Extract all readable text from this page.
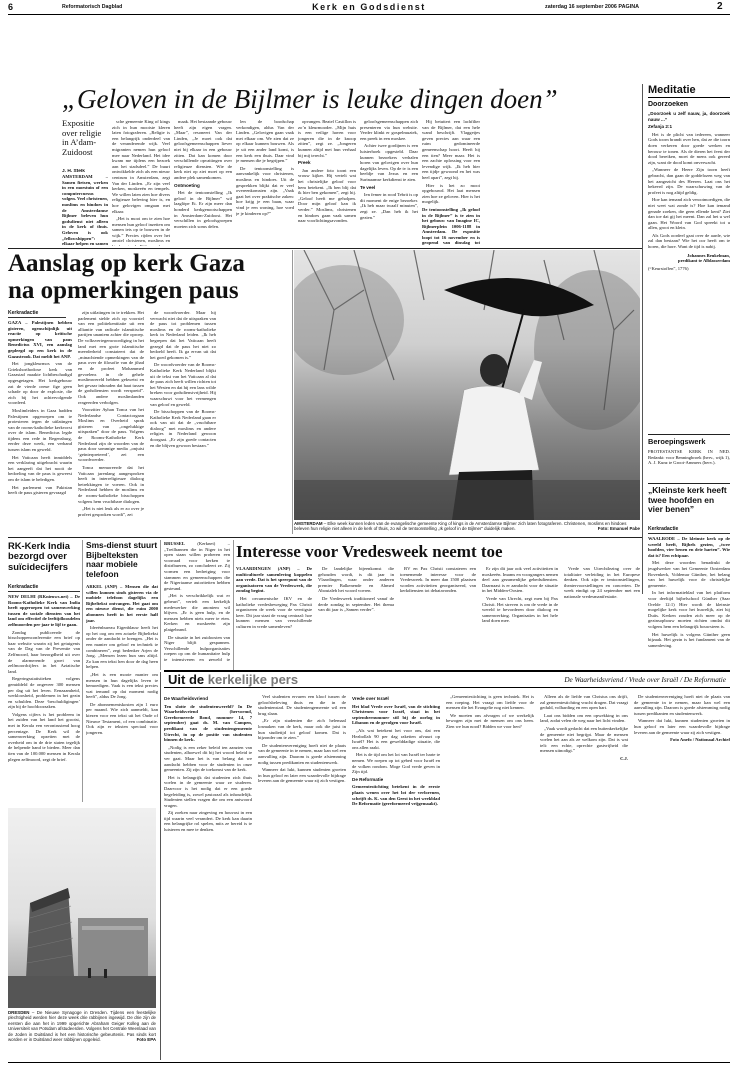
6	Reformatorisch Dagblad	Kerk en Godsdienst	zaterdag 16 september 2006 PAGINA	2
„Geloven in de Bijlmer is leuke dingen doen”
Expositie over religie in A’dam-Zuidoost
J. H. Stelk

AMSTERDAM – Samen fietsen, werken in een moestuin of een computercursus volgen. Veel christenen, moslims en hindoes in de Amsterdamse Bijlmer beleven hun godsdienst niet alleen in de kerk of thuis. Geloven is ook „fellowshippen”: elkaar helpen en samen

sche gemeente King of kings zich in hun mooiste kleren laten fotograferen. „Religie is een belangrijk onderdeel van de veranderende wijk. Veel migranten nemen hun geloof mee naar Nederland. Het idee kwam me tijdens een bezoek aan het stadsdeel.” De buurt ontwikkelde zich als een nieuw centrum in Amsterdam, zegt Van der Linden. „Er zijn veel kerken, moskeeën en tempels. We willen laten zien hoe divers religieuze beleving hier is, en hoe gelovigen omgaan met elkaar.

„Het is mooi om te zien hoe mensen hun geloof inzetten om samen iets op te bouwen in de wijk.” Precies rijden over het amstel christenen, moslims en

maak. Het bestaande gebouw heeft zijn eigen vragen. „Maar”, resoneert Van der Linden, „Je moet ook dat geloofsgemeenschappen liever niet bij elkaar in een gebouw zitten. Dat kan komen door verschillende opvattingen over religieuze diensten. Wie de kerk niet op ziet moet op een andere plek samenkomen.

Ontmoeting

Het de tentoonstelling „Ik geloof in de Bijlmer” wil laaglöpe Et. Er zijn meer dan honderd kerkgenootschappen in Amsterdam-Zuidoost. Het verschillen in geloofsgroepen moeten zich soms delen.

len de boodschap verkondigen, aldus Van der Linden. „Gelovigen gaan vaak met elkaar om. We zien dat ze op elkaar kunnen bouwen. Als je uit een ander land komt, is een kerk een thuis. Daar vind je mensen die je begrijpen.”

De tentoonstelling is aanvankelijk voor christenen, moslims en hindoes. Uit de gesprekken blijkt dat er veel overeenkomsten zijn. „Vaak gaat het over praktische zaken: hoe krijg je een baan, waar vind je een woning, hoe voed je je kinderen op?”

opvangen. Beatel Castillon is zo’n kleurmooder. „Mijn huis is een veilige haven voor jongeren die in de knoop zitten”, zegt ze. „Jongeren kunnen altijd met hun verhaal bij mij terecht.”

Preek

Jan andere foto toont een vrouw kijker. Hij vertelt wat het christelijke geloof voor hem betekent. „Ik ben blij dat ik hier ben gekomen”, zegt hij. „Geloof heeft me geholpen. Door mijn geloof kan ik verder.” Moslims, christenen en hindoes gaan vaak samen naar voorlichtingsavonden.

geloofsgemeenschappen zich presenteren via hun website. Verder klinkt er gospelmuziek, een preek in een moskee.

Achter twee gordijnen is een luisterhoek opgesteld. Daar kunnen bezoekers verhalen horen van gelovigen over hun dagelijks leven. Op de tv is een beeldje van Jezus en een Surinaamse kerkdienst te zien.

Te veel

Ien femer in rood Tebrit is op dit moment de enige bezoeker. „Ik heb maar twaalf minuten”, zegt ze. „Dan heb ik het gezien.”

Hij betuttert een lachfilter van de Bijlmer, dat een hele wand beschrijft. Vlaggetjes geven precies aan waar een ruim gedomineerde gemeenschap hoort. Heeft hij een tien? Meer maar. Het is een zachte oplossing voor een levendige wijk. „Ik heb hier een tijdje gewoond en het was heel apart”, zegt hij.

Hier is het zo mooi opgebouwd. Het laat mensen zien hoe ze geloven. Hier is het mogelijk.

De tentoonstelling „Ik geloof in de Bijlmer” is te zien in het gebouw van Imagine IC, Bijlmerplein 1006-1188 in Amsterdam. De expositie loopt tot 16 november en is geopend van dinsdag tot

Meditatie
Doorzoeken

„Doorzoek u zelf nauw, ja, doorzoek nauw ...”

Zefanja 2:1

Het is de plicht van iedereen, wanneer Gods toorn brandt over hen, dat ze die toorn doen verkeren door goede werken en berouw te tonen. Als de dieren het feest der dood bereiken, moet de mens ook gereed zijn, want de dood komt onverwacht.

„Wanneer de Heere Zijn toorn heeft gebracht, dan gaan de goddelozen weg van het aangezicht des Heeren. Laat ons het bekeerd zijn. De waarschuwing van de profeet is nog altijd geldig.

Hoe kan iemand zich verootmoedigen, die niet weet wat zonde is? Hoe kan iemand genade zoeken, die geen ellende kent? Ziet dan toe dat gij het meent. Dan zal het u wel gaan. Het Woord van God spreekt tot u allen, groot en klein.

Als Gods oordeel gaat over de aarde, wie zal dan bestaan? Wie het oor heeft om te horen, die hore. Want de tijd is nabij.

Johannes Beukelman,
predikant te Alblasserdam

(“Keurstoffen”, 1776)

Beroepingswerk
PROTESTANTSE KERK IN NED. Bedankt: voor Benningbroek (herv., wijk 1), A. J. Kunz te Groot-Ammers (herv.).
„Kleinste kerk heeft twee hoofden en vier benen”
Kerkradactie

WAALRODE – De kleinste kerk op de wereld heeft, Bijbels gezien, „twee hoofden, vier benen en drie harten”. Wie dat is? Een echtpaar.

Met deze woorden benadrukt de jeugdwerker van het Gemeente Oosterdam Bovenkerk, Voldemar Günther, het belang van het huwelijk voor de christelijke gemeente.

In het informatieblad van het platform voor deeltijd bijbelschool Günther (Saar Orelde 12:1) Hier wordt de kleinste mogelijke kerk voor het huwelijk, ziet hij Duits. Kerken zouden zich meer op de gezinsopbouw moeten richten omdat dit volgens hem een belangrijk bouwsteen is.

Het huwelijk is volgens Günther geen bijzaak. Het gezin is het fundament van de samenleving.

Aanslag op kerk Gaza
na opmerkingen paus
Kerkradactie

GAZA – Palestijnen hebben gisteren, ogenschijnlijk uit reactie op kritische opmerkingen van paus Benedictus XVI, een aanslag gepleegd op een kerk in de Gazastrook. Dat meldt het ANP.

Het jongkleurmos van de Griekshorthodoxe kerk van Gazastad maakte lichtbeschadigd opgesgetagen. Het kerkgebouw zat de vierde oreue fige geen schade op door de explosie, die zich bij het achtervolgende voordeed.

Moslimleiders in Gaza hadden Palestijnen opgeroepen om te protesteren tegen de uitlatingen van de rooms-katholieke kerkvorst over de islam. Benedictus legde tijdens een rede in Regensburg, eerder deze week, een verband tussen islam en geweld.

Het Vaticaan heeft inmiddels een verklaring uitgebracht waarin het aangeeft dat het nooit de bedoeling van de paus is geweest om de islam te beledigen.

Het parlement van Pakistan heeft de paus gisteren gevraagd

zijn uitlatingen in te trekken. Het parlement stelde zich op voorstel van een politiekentitatie uit een alliantie van radicale islamitische partijen unaniem achter die oproep. De volksvertegenwoordiging in het land met een grote islamitische meerderheid constateert dat de „minachtende opmerkingen van de paus over de filosofie van de jihad en de profeet Mohammed gevoelens in de gehele moslimwereld hebben gekwetst en het gevaar inhouden dat haat tussen de godsdiensten wordt verspreid”. Ook andere moslimlanden reageerden verbolgen.

Voorzitter Ayhan Tonca van het Nederlandse Contactorgaan Moslims en Overheid sprak gisteren van „ongelukkige uitspraken” door de paus. Volgens de Rooms-Katholieke Kerk Nederland zijn de woorden van de paus door sommige media „onjuist ‘geïnterpreteerd’, zei een woordvoerder.

Tonca memoreerde dat het Vaticaan jarenlang aangesproken heeft in interreligieuze dialoog betrekkingen te voeren. Ook in Nederland hebben de moslims en de rooms-katholieke bisschoppen volgens hem vruchtbare dialogen.

„Het is niet leuk als er zo over je profeet gesproken wordt”, zei

de woordvoerder. Maar hij verwacht niet dat de uitspraken van de paus tot problemen tussen moslims en de rooms-katholieke kerk in Nederland leiden. „Ik heb begrepen dat het Vaticaan heeft gezegd dat de paus het niet zo bedoeld heeft. Ik ga ervan uit dat het goed gekomen is.”

De woordvoerder van de Rooms-Katholieke Kerk Nederland blijkt uit de tekst van het Vaticaan al dat de paus zich heeft willen richten tot het Westen en dat hij een lans wilde breken voor godsdienstvrijheid. Hij waarschuwt voor het vermengen van geloof en geweld.

De bisschoppen van de Rooms-Katholieke Kerk Nederland gaan er ook van uit dat de „vruchtbare dialoog” met moslims en andere religies in Nederland gewoon doorgaat. „Er zijn goede contacten en die blijven gewoon bestaan.”

AMSTERDAM – Elke week kunnen leden van de evangelische gemeente King of kings in de Amsterdamse Bijlmer zich laten fotograferen. Christenen, moslims en hindoes beleven hun religie niet alleen in de kerk of thuis, zo wil de tentoonstelling „Ik geloof in de Bijlmer” duidelijk maken.	Foto: Emanuel Pabe
RK-Kerk India bezorgd over suïcidecijfers
Kerkradactie

NEW DELHI (RKnieuws.net) – De Rooms-Katholieke Kerk van India heeft opgeroepen tot samenwerking tussen de sociale diensten van het land om effectief de leeftijdloosdelen zelfmoorden per jaar te lijf te gaan.

Zondag publiceerde de bisschoppenconferentie een brief op haar website waarin zij het getuigenis van de Dag van de Preventie van Zelfmoord, haar bezorgdheid uit over de alarmerende groei van zelfmoordcijfers in het Aziatische land.

Regeringsstatistieken volgens gemiddeld de ongeveer 300 mensen per dag uit het leven. Eenzaamheid, werkloosheid, problemen in het gezin en schulden. Deze ‘beschuldigingen’ zijn bij de hoofdoorzaken.

Volgens cijfers is het probleem in het zuiden van het land het grootst, met in Kerala een verontrustend hoog percentage. De Kerk wil de samenwerking opzetten met de overheid om in de drie staten tegelijk de helpende hand te bieden. Meer dan tien van de 100.000 mensen in Kerala plegen zelfmoord, zegt de brief.

Sms-dienst stuurt Bijbelteksten naar mobiele telefoon

ARKEL (ANP) – Mensen die dat willen kunnen sinds gisteren via de mobiele telefoon dagelijks een Bijbeltekst ontvangen. Het gaat om een nieuwe dienst, die ruim 2000 abonnees heeft in het eerste half jaar.

Ideeënbureau Eigenblauw heeft het op het oog om een actuele Bijbeltekst onder de aandacht te brengen. „Het is een manier om geloof en techniek te combineren”, zegt bedenker Arjen de Jong. „Mensen lezen hun sms altijd. Zo kan een tekst hen door de dag heen helpen.

„Het is een mooie manier om mensen in hun dagelijks leven te bemoedigen. Vaak is een tekst precies wat iemand op dat moment nodig heeft”, aldus De Jong.

De abonnementskosten zijn 1 euro per maand. Wie zich aanmeldt, kan kiezen voor een tekst uit het Oude of Nieuwe Testament, of een combinatie. Ook zijn er teksten speciaal voor jongeren.

BRUSSEL	(Kerknet) – „Treilhannen die in Niger in het open staan willen proberen een voorraad voor kerken te distribueren, zo concludeert ze. Zij vormen een bedreiging voor stammen en gemeenschappen die de Nigeriaanse autoriteiten hebben gesteund.

„Het is verschrikkelijk wat er gebeurt”, vertelt een kerkelijk medewerker die anoniem wil blijven. „Er is geen hulp, en de mensen hebben niets meer te eten. Kerken en moskeeën zijn platgebrand.

De situatie in het zuidoosten van Niger blijft gespannen. Verschillende hulporganisaties roepen op om de humanitaire hulp te intensiveren en geweld te

Interesse voor Vredesweek neemt toe

VLAARDINGEN (ANP) – De multiculturele samenleving koppelen aan vrede. Dat is het speerpunt van de organisatoren van de Vredesweek, die zondag begint.

Het oecumenische IKV en de katholieke vredesbeweging Pax Christi organiseren de week voor de veertigste keer. Dit jaar staat de vraag centraal: hoe kunnen mensen van verschillende culturen in vrede samenleven?

De landelijke bijeenkomst die gehouden wordt, is dit jaar in Vlaardingen, waar onder anderen premier Balkenende en Ahmed Aboutaleb het woord voeren.

De Vredesweek traditioneel vanaf de derde zondag in september. Het thema van dit jaar is „Samen verder”.

BV en Pax Christi constateren een toenemende interesse voor de Vredesweek. In meer dan 1500 plaatsen worden activiteiten georganiseerd, van kerkdiensten tot debatavonden.

Er zijn dit jaar ook veel activiteiten in moskeeën. Imams en voorgangers nemen deel aan gezamenlijke gebedsdiensten. Daarnaast is er aandacht voor de situatie in het Midden-Oosten.

Vrede van Utrecht, zegt men bij Pax Christi. Het streven is om de vrede in de wereld te bevorderen door dialoog en samenwerking. Organisaties in het hele land doen mee.

Vrede van Utrechtlezing over de totalitaire verleiding in het Europese denken. Ook zijn er tentoonstellingen, theatervoorstellingen en concerten. De week eindigt op 24 september met een nationale vredesmanifestatie.

Uit de kerkelijke pers	De Waarheidsvriend / Vrede over Israël / De Reformatie

De Waarheidsvriend

Ten slotte de studentenwereld? In De Waarheidsvriend (hervormd, Gereformeerde Bond, nummer 14, 7 september) gaat ds. M. van Campen, predikant van de studentengemeente Utrecht, in op de positie van studenten binnen de kerk.

„Nodig is een zeker beleid ten aanzien van studenten, alhoewel dit bij het woord beleid te ver gaat. Maar het is van belang dat we aandacht hebben voor de studenten in onze gemeenten. Zij zijn de toekomst van de kerk.

Het is belangrijk dat studenten zich thuis voelen in de gemeente waar ze studeren. Daarvoor is het nodig dat er een goede begeleiding is, zowel pastoraal als inhoudelijk. Studenten stellen vragen die om een antwoord vragen.

Zij zoeken naar zingeving en houvast in een tijd waarin veel verandert. De kerk kan daarin een belangrijke rol spelen, mits ze bereid is te luisteren en mee te denken.

Veel studenten ervaren een kloof tussen de geloofsbeleving thuis en die in de studentenstad. De studentengemeente wil een brug slaan.

„Er zijn studenten die zich helemaal losmaken van de kerk, maar ook die juist in hun studietijd tot geloof komen. Dat is bijzonder om te zien.”

De studentenvereniging hoeft niet de plaats van de gemeente in te nemen, maar kan wel een aanvulling zijn. Daarom is goede afstemming nodig tussen predikanten en studentenwerk.

Wanneer dat lukt, kunnen studenten groeien in hun geloof en later een waardevolle bijdrage leveren aan de gemeente waar zij zich vestigen.

Vrede over Israël

Het blad Vrede over Israël, van de stichting Christenen voor Israël, staat in het septembernummer stil bij de oorlog in Libanon en de gevolgen voor Israël.

„Als wat betekent het voor ons, dat een Hezbollah 90 per dag raketten afvuurt op Israël? Het is een gewelddadige situatie, die ons allen raakt.

Het is de tijd om het lot van Israël ter harte te nemen. We roepen op tot gebed voor Israël en de volken rondom. Moge God vrede geven in Zijn tijd.

De Reformatie

Gemeentestichting betekent in de eerste plaats wenen over het lot der verlorenen, schrijft ds. K. van den Geest in het weekblad De Reformatie (gereformeerd vrijgemaakt).

„Gemeentestichting is geen techniek. Het is een roeping. Het vraagt om liefde voor de mensen die het Evangelie nog niet kennen.

We moeten ons afvragen of we werkelijk bewogen zijn met de mensen om ons heen. Zien we hun nood? Bidden we voor hen?

Alleen als de liefde van Christus ons drijft, zal gemeentestichting vrucht dragen. Dat vraagt geduld, volharding en een open hart.

Laat ons bidden om een opwekking in ons land, zodat velen de weg naar het licht vinden.

„Vaak wordt gedacht dat een buitenkerkelijke de gemeente niet begrijpt. Maar de mensen voelen het aan als ze welkom zijn. Dat is wat telt: een echte, oprechte gastvrijheid die mensen uitnodigt.”

C.J.

De studentenvereniging hoeft niet de plaats van de gemeente in te nemen, maar kan wel een aanvulling zijn. Daarom is goede afstemming nodig tussen predikanten en studentenwerk.

Wanneer dat lukt, kunnen studenten groeien in hun geloof en later een waardevolle bijdrage leveren aan de gemeente waar zij zich vestigen.

Foto Anefo / Nationaal Archief

DRESDEN – De Nieuwe Synagoge in Dresden. Tijdens een feestelijke plechtigheid werden hier deze week drie rabbijnen ingewijd. De drie zijn de eersten die aan het in 1999 opgerichte Abraham Geiger Kolleg aan de Universiteit van Potsdam afstudeerden. Volgens het Centrale Weenlaad van de Joden in Duitsland is het een historische gebeurtenis. Pas sinds kort worden er in Duitsland weer rabbijnen opgeleid.	Foto EPA
